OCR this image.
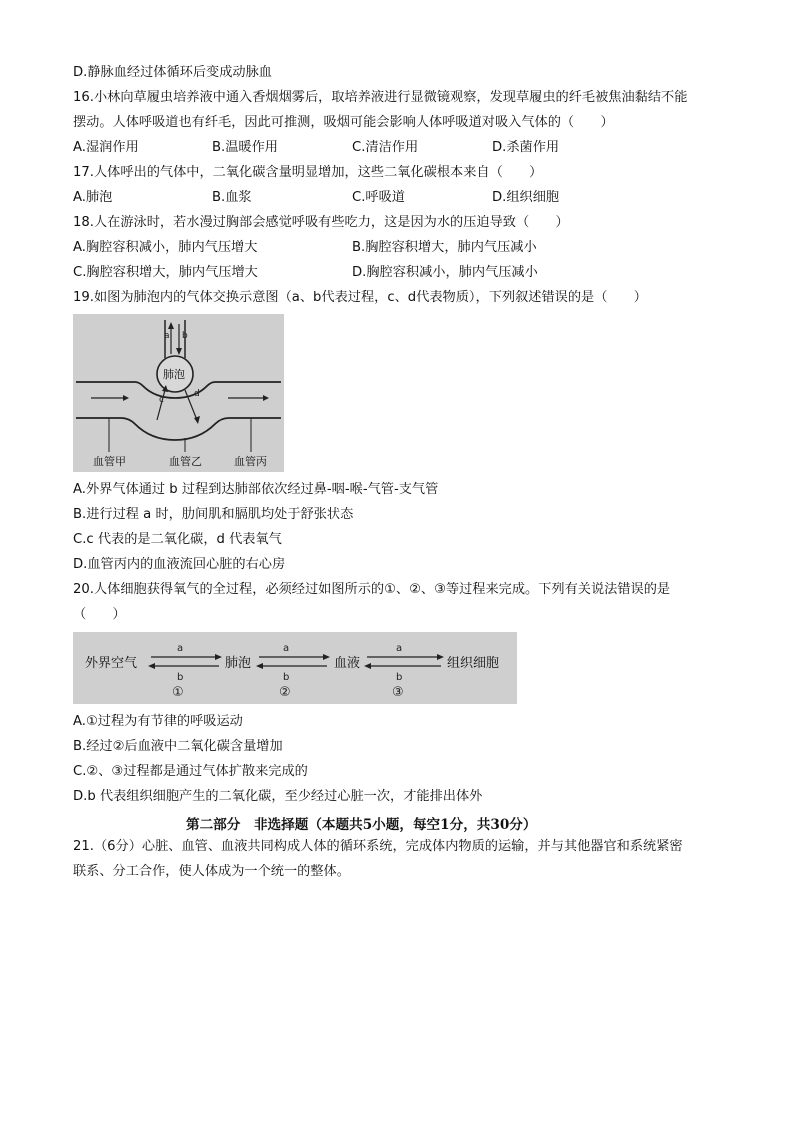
D.静脉血经过体循环后变成动脉血
16.小林向草履虫培养液中通入香烟烟雾后，取培养液进行显微镜观察，发现草履虫的纤毛被焦油黏结不能
摆动。人体呼吸道也有纤毛，因此可推测，吸烟可能会影响人体呼吸道对吸入气体的（　　）
A.湿润作用	B.温暖作用	C.清洁作用	D.杀菌作用
17.人体呼出的气体中，二氧化碳含量明显增加，这些二氧化碳根本来自（　　）
A.肺泡	B.血浆	C.呼吸道	D.组织细胞
18.人在游泳时，若水漫过胸部会感觉呼吸有些吃力，这是因为水的压迫导致（　　）
A.胸腔容积减小，肺内气压增大	B.胸腔容积增大，肺内气压减小
C.胸腔容积增大，肺内气压增大	D.胸腔容积减小，肺内气压减小
19.如图为肺泡内的气体交换示意图（a、b代表过程，c、d代表物质），下列叙述错误的是（　　）
a b
肺泡
c
d
血管甲	血管乙	血管丙
A.外界气体通过 b 过程到达肺部依次经过鼻-咽-喉-气管-支气管
B.进行过程 a 时，肋间肌和膈肌均处于舒张状态
C.c 代表的是二氧化碳，d 代表氧气
D.血管丙内的血液流回心脏的右心房
20.人体细胞获得氧气的全过程，必须经过如图所示的①、②、③等过程来完成。下列有关说法错误的是
（　　）
外界空气	肺泡	血液	组织细胞
a
b
①
a
b
②
a
b
③
A.①过程为有节律的呼吸运动
B.经过②后血液中二氧化碳含量增加
C.②、③过程都是通过气体扩散来完成的
D.b 代表组织细胞产生的二氧化碳，至少经过心脏一次，才能排出体外
第二部分　非选择题（本题共5小题，每空1分，共30分）
21.（6分）心脏、血管、血液共同构成人体的循环系统，完成体内物质的运输，并与其他器官和系统紧密
联系、分工合作，使人体成为一个统一的整体。
